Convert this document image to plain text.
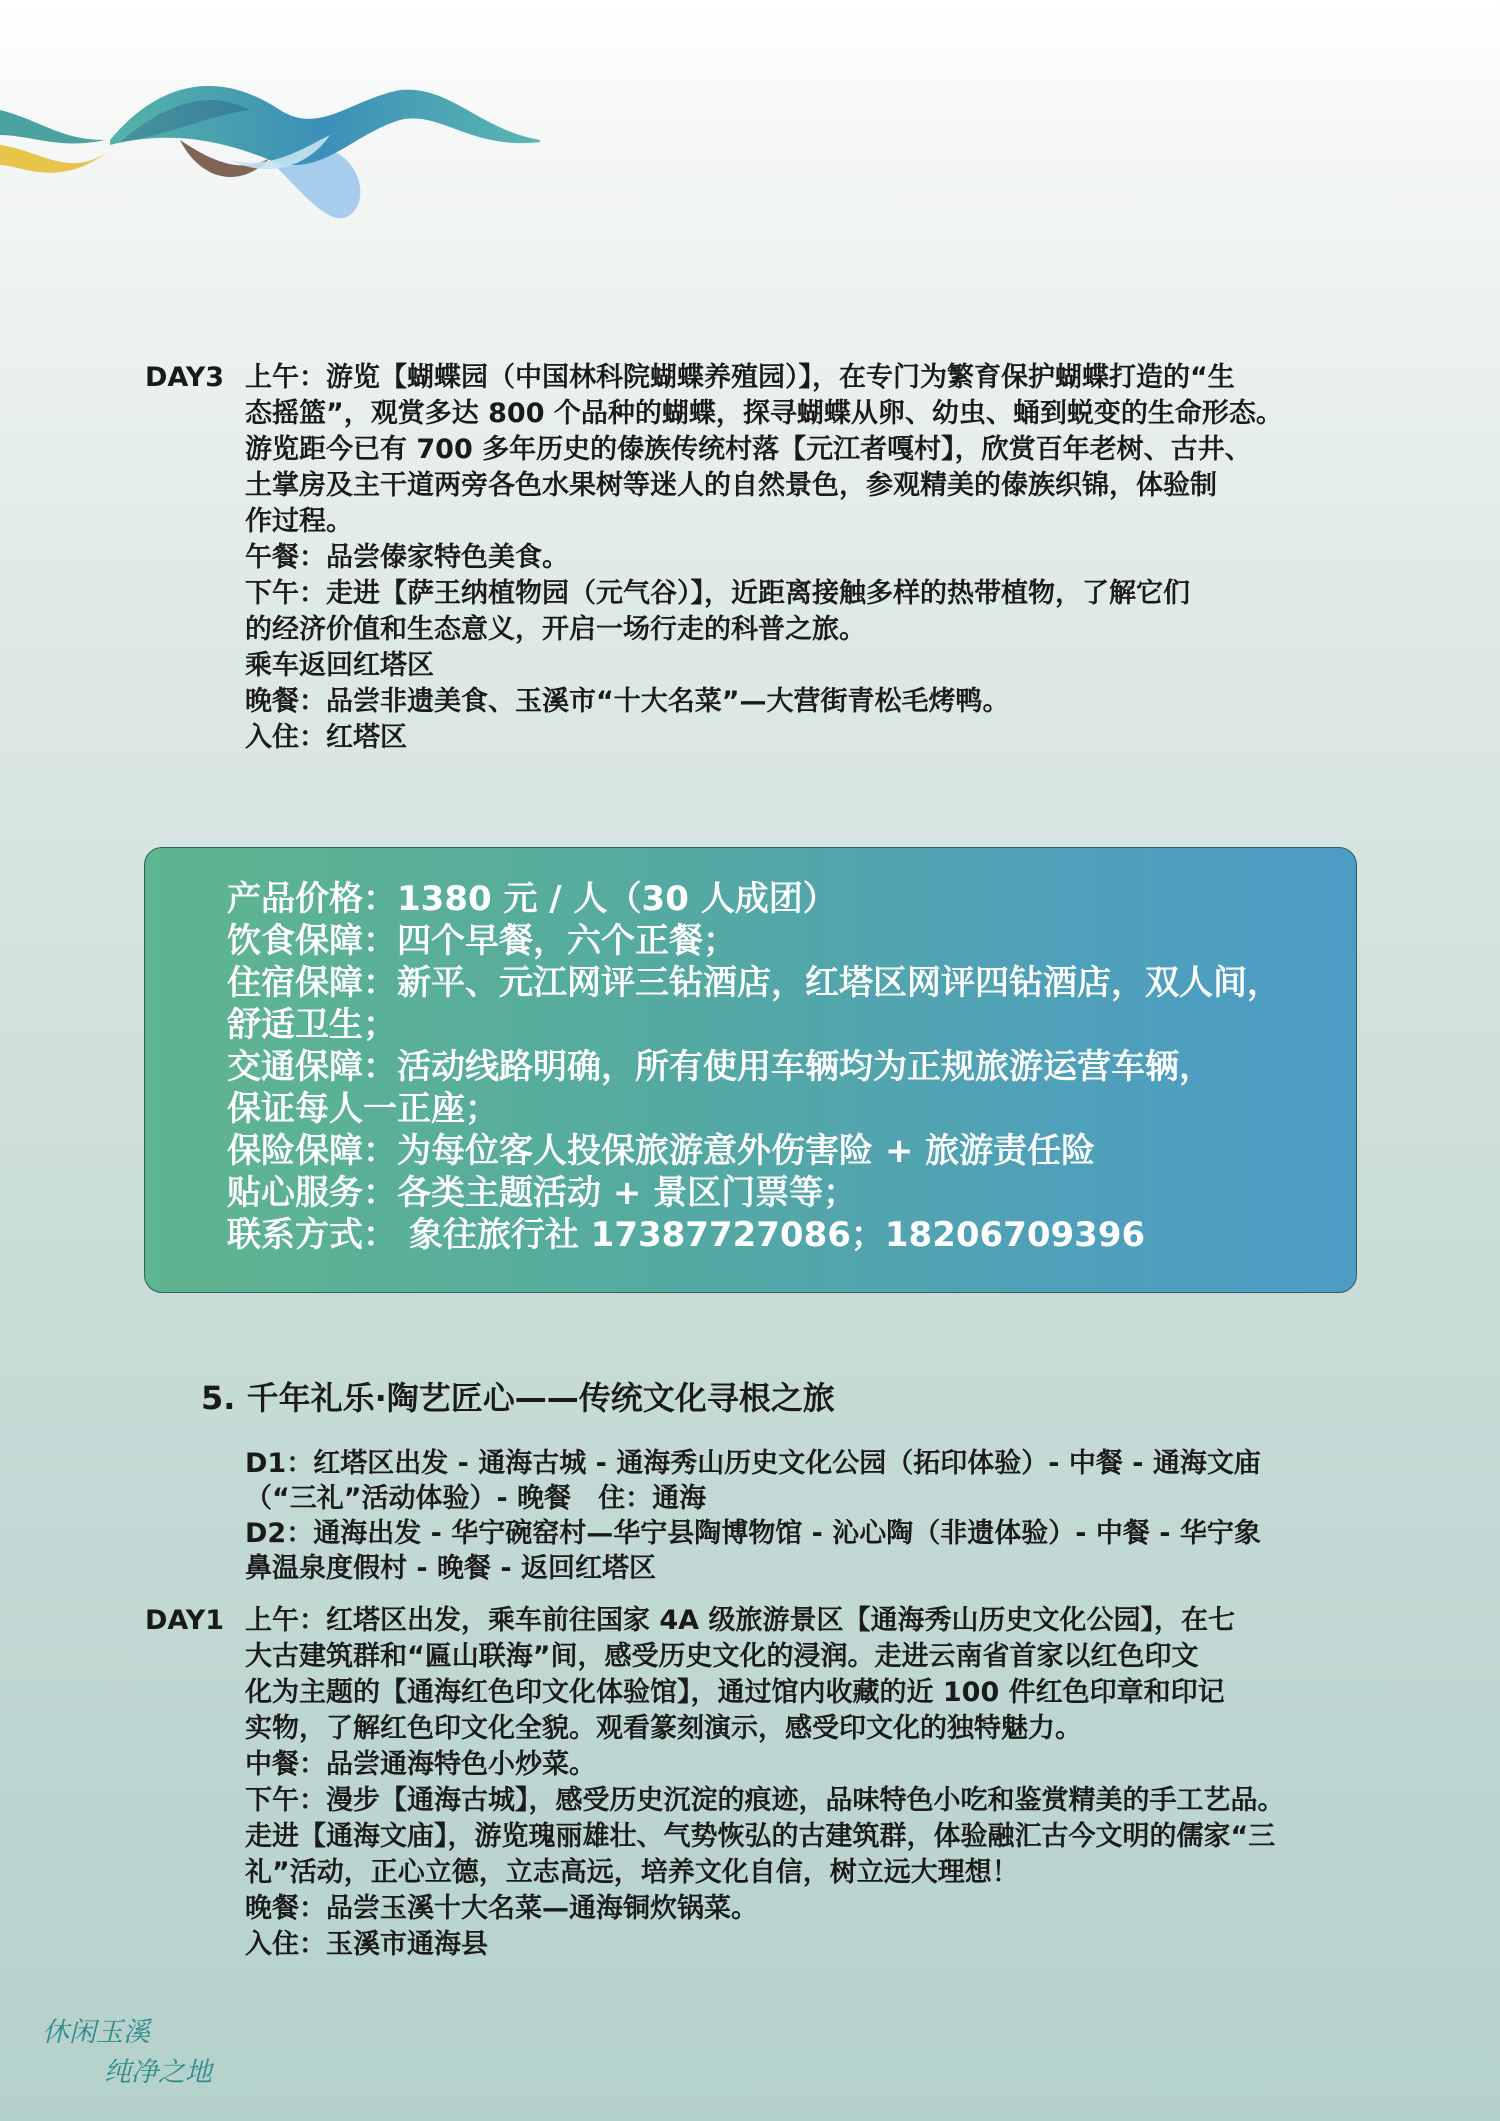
DAY3 上午：游览【蝴蝶园（中国林科院蝴蝶养殖园）】，在专门为繁育保护蝴蝶打造的“生

态摇篮”，观赏多达 800 个品种的蝴蝶，探寻蝴蝶从卵、幼虫、蛹到蜕变的生命形态。

游览距今已有 700 多年历史的傣族传统村落【元江者嘎村】，欣赏百年老树、古井、

土掌房及主干道两旁各色水果树等迷人的自然景色，参观精美的傣族织锦，体验制

作过程。

午餐：品尝傣家特色美食。

下午：走进【萨王纳植物园（元气谷）】，近距离接触多样的热带植物，了解它们

的经济价值和生态意义，开启一场行走的科普之旅。

乘车返回红塔区

晚餐：品尝非遗美食、玉溪市“十大名菜”—大营街青松毛烤鸭。

入住：红塔区

产品价格：1380 元 / 人（30 人成团）

饮食保障：四个早餐，六个正餐；

住宿保障：新平、元江网评三钻酒店，红塔区网评四钻酒店，双人间，

舒适卫生；

交通保障：活动线路明确，所有使用车辆均为正规旅游运营车辆，

保证每人一正座；

保险保障：为每位客人投保旅游意外伤害险 + 旅游责任险

贴心服务：各类主题活动 + 景区门票等；

联系方式： 象往旅行社 17387727086；18206709396

5. 千年礼乐·陶艺匠心——传统文化寻根之旅

D1：红塔区出发 - 通海古城 - 通海秀山历史文化公园（拓印体验）- 中餐 - 通海文庙

（“三礼”活动体验）- 晚餐　住：通海

D2：通海出发 - 华宁碗窑村—华宁县陶博物馆 - 沁心陶（非遗体验）- 中餐 - 华宁象

鼻温泉度假村 - 晚餐 - 返回红塔区

DAY1 上午：红塔区出发，乘车前往国家 4A 级旅游景区【通海秀山历史文化公园】，在七

大古建筑群和“匾山联海”间，感受历史文化的浸润。走进云南省首家以红色印文

化为主题的【通海红色印文化体验馆】，通过馆内收藏的近 100 件红色印章和印记

实物，了解红色印文化全貌。观看篆刻演示，感受印文化的独特魅力。

中餐：品尝通海特色小炒菜。

下午：漫步【通海古城】，感受历史沉淀的痕迹，品味特色小吃和鉴赏精美的手工艺品。

走进【通海文庙】，游览瑰丽雄壮、气势恢弘的古建筑群，体验融汇古今文明的儒家“三

礼”活动，正心立德，立志高远，培养文化自信，树立远大理想！

晚餐：品尝玉溪十大名菜—通海铜炊锅菜。

入住：玉溪市通海县

休闲玉溪
纯净之地
